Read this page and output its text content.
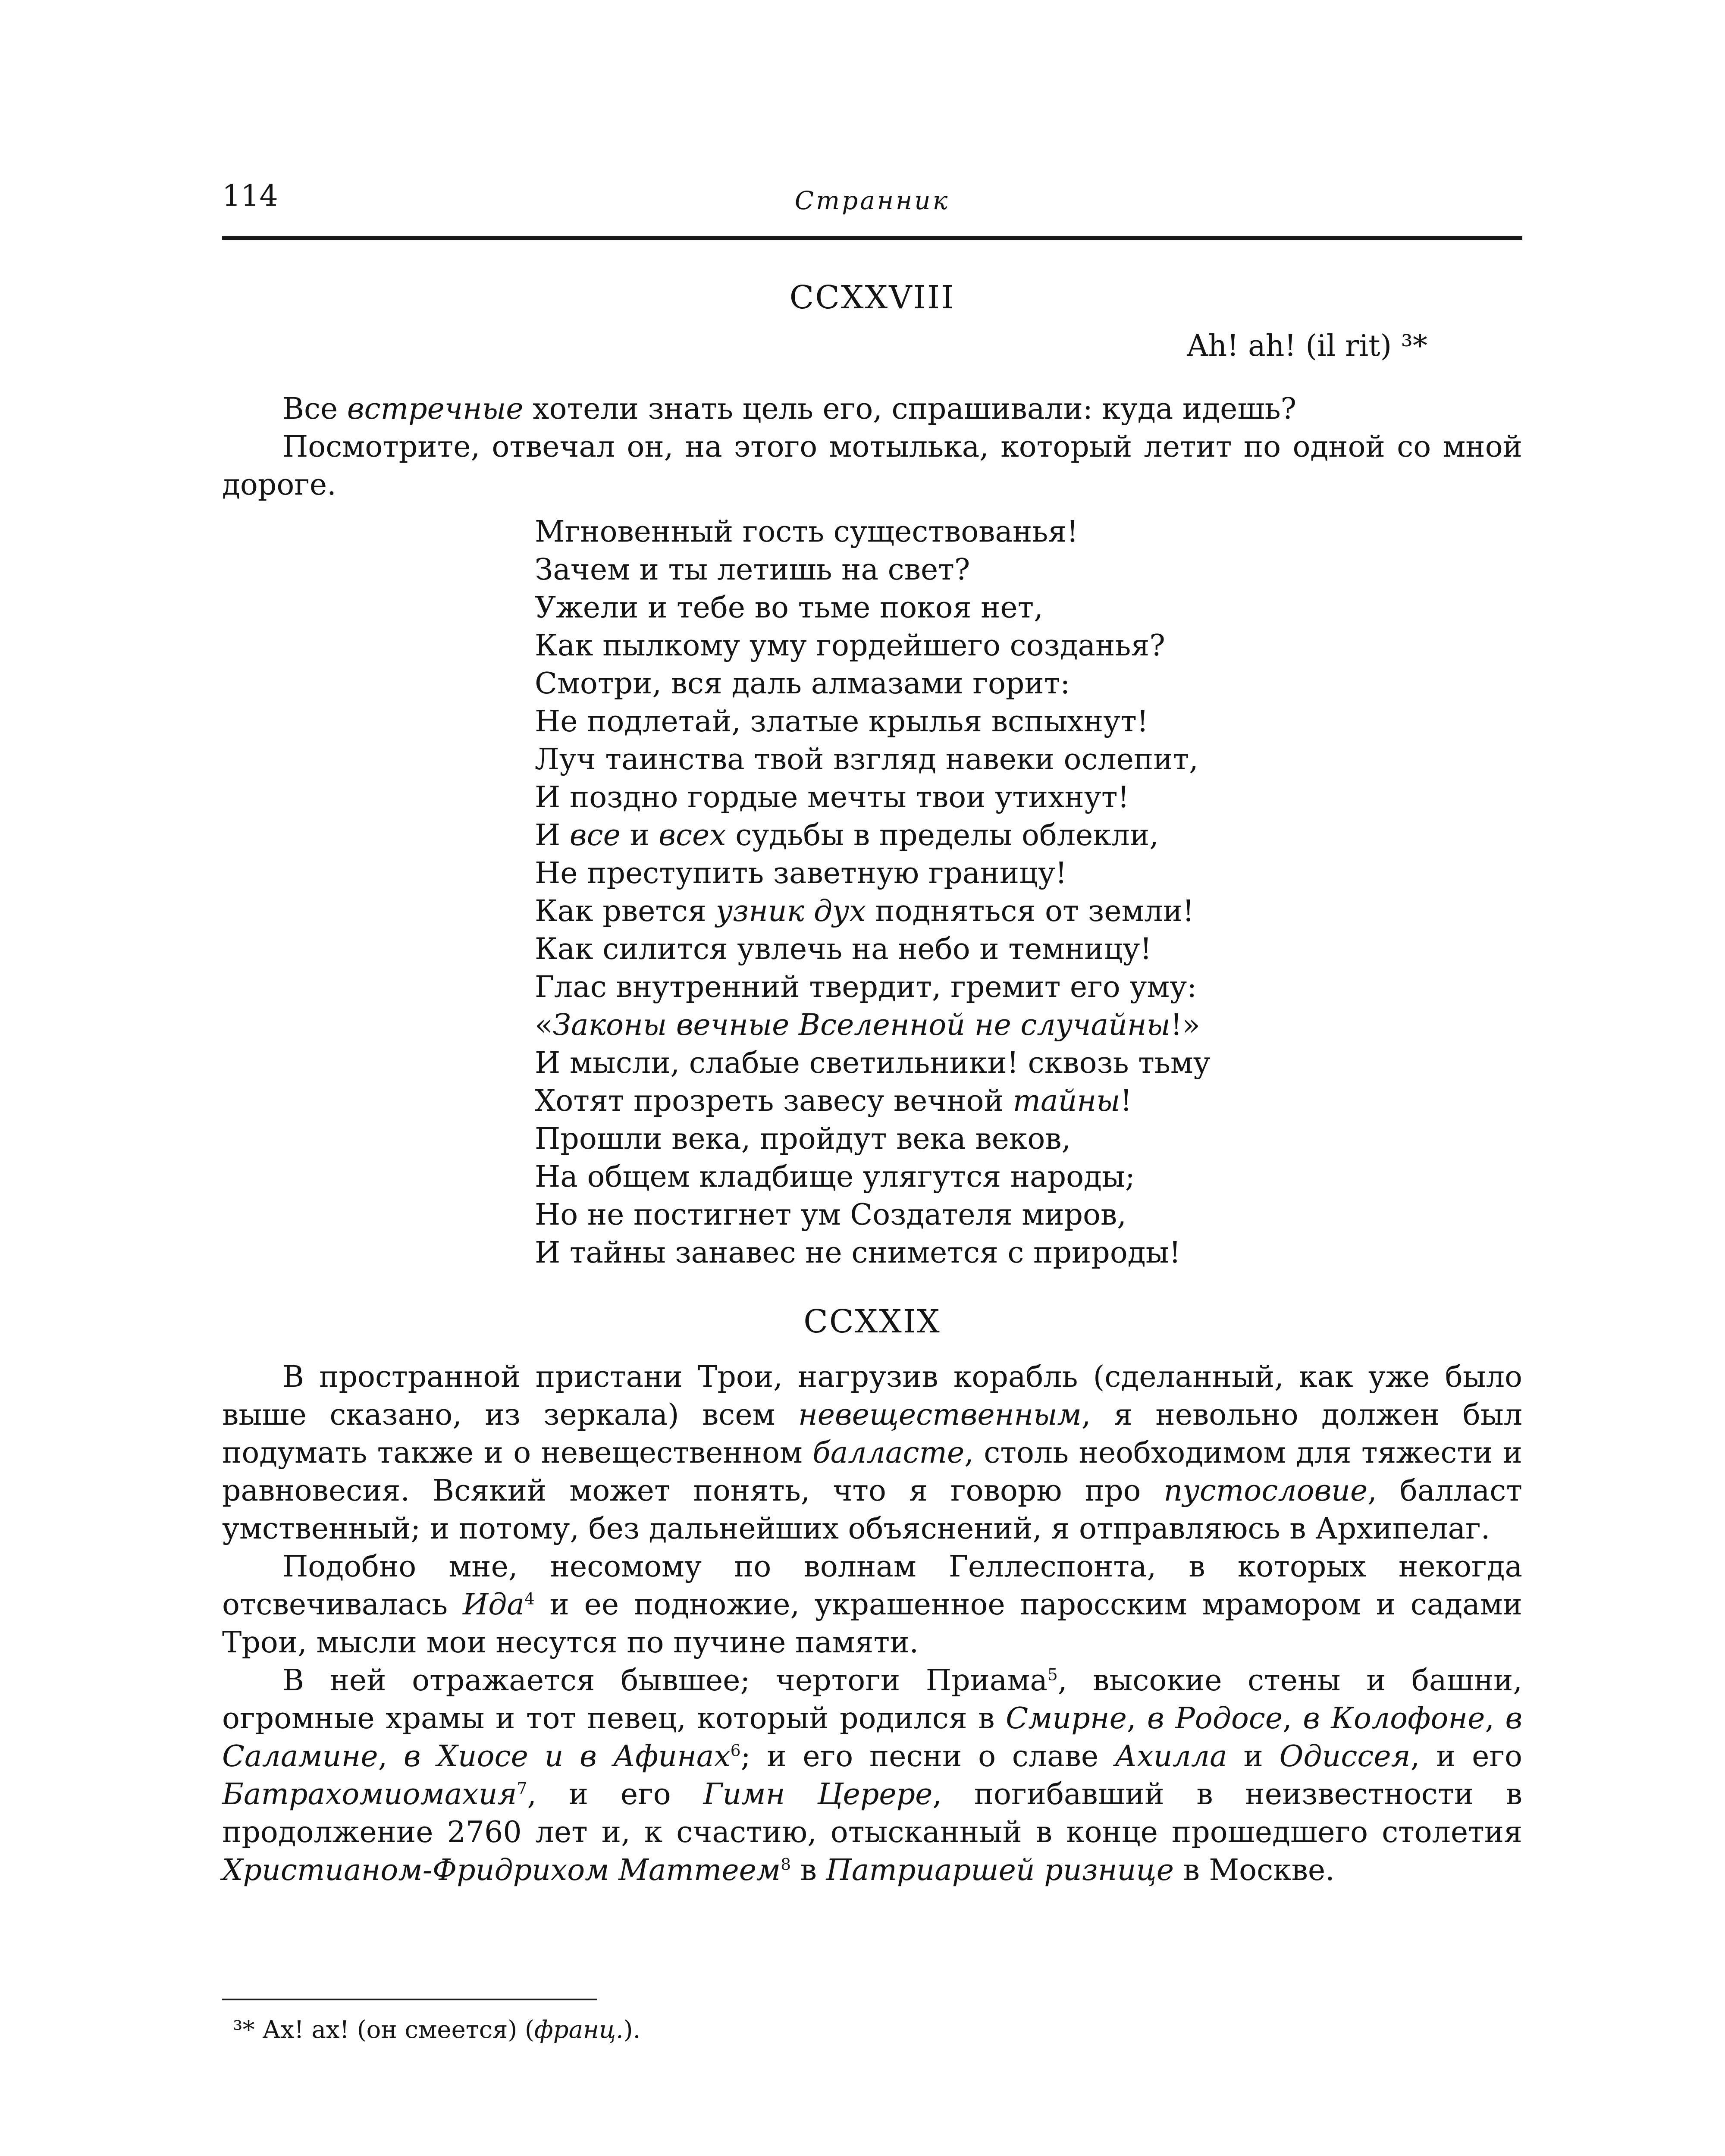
114	Странник
CCXXVIII
Ah! ah! (il rit) ³*

Все встречные хотели знать цель его, спрашивали: куда идешь?

Посмотрите, отвечал он, на этого мотылька, который летит по одной со мной дороге.

Мгновенный гость существованья!
Зачем и ты летишь на свет?
Ужели и тебе во тьме покоя нет,
Как пылкому уму гордейшего созданья?
Смотри, вся даль алмазами горит:
Не подлетай, златые крылья вспыхнут!
Луч таинства твой взгляд навеки ослепит,
И поздно гордые мечты твои утихнут!
И все и всех судьбы в пределы облекли,
Не преступить заветную границу!
Как рвется узник дух подняться от земли!
Как силится увлечь на небо и темницу!
Глас внутренний твердит, гремит его уму:
«Законы вечные Вселенной не случайны!»
И мысли, слабые светильники! сквозь тьму
Хотят прозреть завесу вечной тайны!
Прошли века, пройдут века веков,
На общем кладбище улягутся народы;
Но не постигнет ум Создателя миров,
И тайны занавес не снимется с природы!
CCXXIX

В пространной пристани Трои, нагрузив корабль (сделанный, как уже было выше сказано, из зеркала) всем невещественным, я невольно должен был подумать также и о невещественном балласте, столь необходимом для тяжести и равновесия. Всякий может понять, что я говорю про пустословие, балласт умственный; и потому, без дальнейших объяснений, я отправляюсь в Архипелаг.

Подобно мне, несомому по волнам Геллеспонта, в которых некогда отсвечивалась Ида$^4$ и ее подножие, украшенное паросским мрамором и садами Трои, мысли мои несутся по пучине памяти.

В ней отражается бывшее; чертоги Приама$^5$, высокие стены и башни, огромные храмы и тот певец, который родился в Смирне, в Родосе, в Колофоне, в Саламине, в Хиосе и в Афинах$^6$; и его песни о славе Ахилла и Одиссея, и его Батрахомиомахия$^7$, и его Гимн Церере, погибавший в неизвестности в продолжение 2760 лет и, к счастию, отысканный в конце прошедшего столетия Христианом-Фридрихом Маттеем$^8$ в Патриаршей ризнице в Москве.

³* Ах! ах! (он смеется) (франц.).
